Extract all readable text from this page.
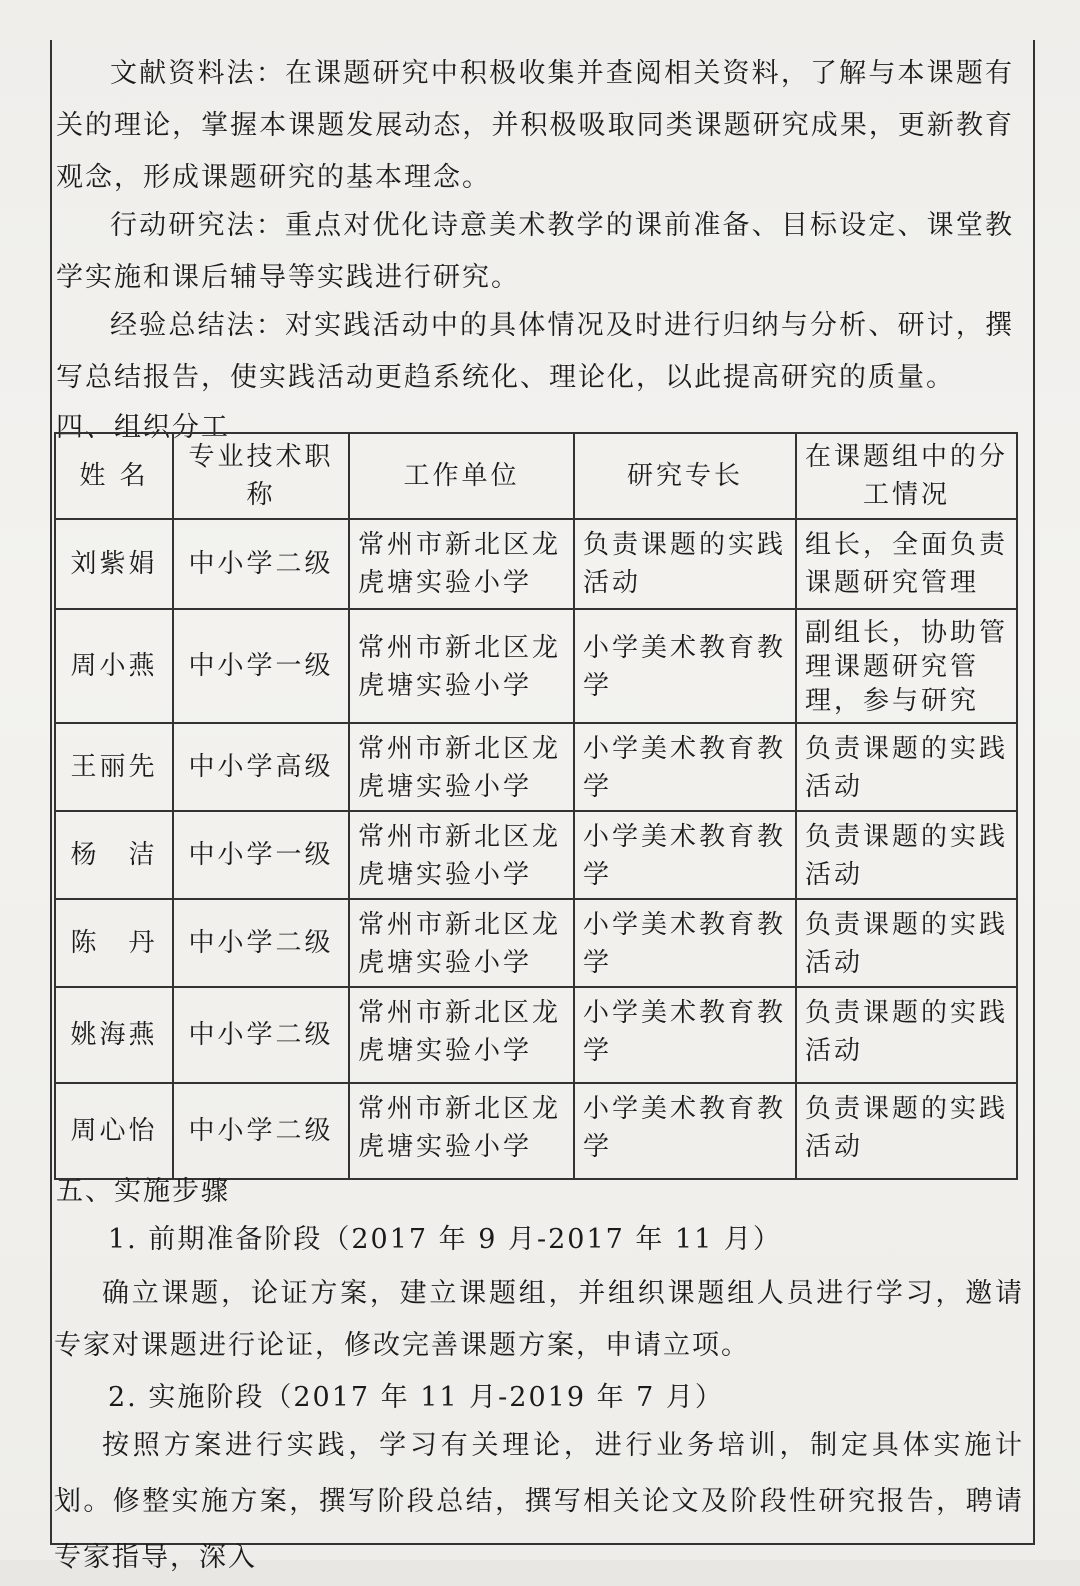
文献资料法：在课题研究中积极收集并查阅相关资料，了解与本课题有关的理论，掌握本课题发展动态，并积极吸取同类课题研究成果，更新教育观念，形成课题研究的基本理念。

行动研究法：重点对优化诗意美术教学的课前准备、目标设定、课堂教学实施和课后辅导等实践进行研究。

经验总结法：对实践活动中的具体情况及时进行归纳与分析、研讨，撰写总结报告，使实践活动更趋系统化、理论化，以此提高研究的质量。

四、组织分工
姓 名	专业技术职称	工作单位	研究专长	在课题组中的分工情况
刘紫娟	中小学二级	常州市新北区龙虎塘实验小学	负责课题的实践活动	组长，全面负责课题研究管理
周小燕	中小学一级	常州市新北区龙虎塘实验小学	小学美术教育教学	副组长，协助管理课题研究管理，参与研究
王丽先	中小学高级	常州市新北区龙虎塘实验小学	小学美术教育教学	负责课题的实践活动
杨　洁	中小学一级	常州市新北区龙虎塘实验小学	小学美术教育教学	负责课题的实践活动
陈　丹	中小学二级	常州市新北区龙虎塘实验小学	小学美术教育教学	负责课题的实践活动
姚海燕	中小学二级	常州市新北区龙虎塘实验小学	小学美术教育教学	负责课题的实践活动
周心怡	中小学二级	常州市新北区龙虎塘实验小学	小学美术教育教学	负责课题的实践活动
五、实施步骤

1. 前期准备阶段（2017 年 9 月-2017 年 11 月）

确立课题，论证方案，建立课题组，并组织课题组人员进行学习，邀请专家对课题进行论证，修改完善课题方案，申请立项。

2. 实施阶段（2017 年 11 月-2019 年 7 月）

按照方案进行实践，学习有关理论，进行业务培训，制定具体实施计划。修整实施方案，撰写阶段总结，撰写相关论文及阶段性研究报告，聘请专家指导，深入
